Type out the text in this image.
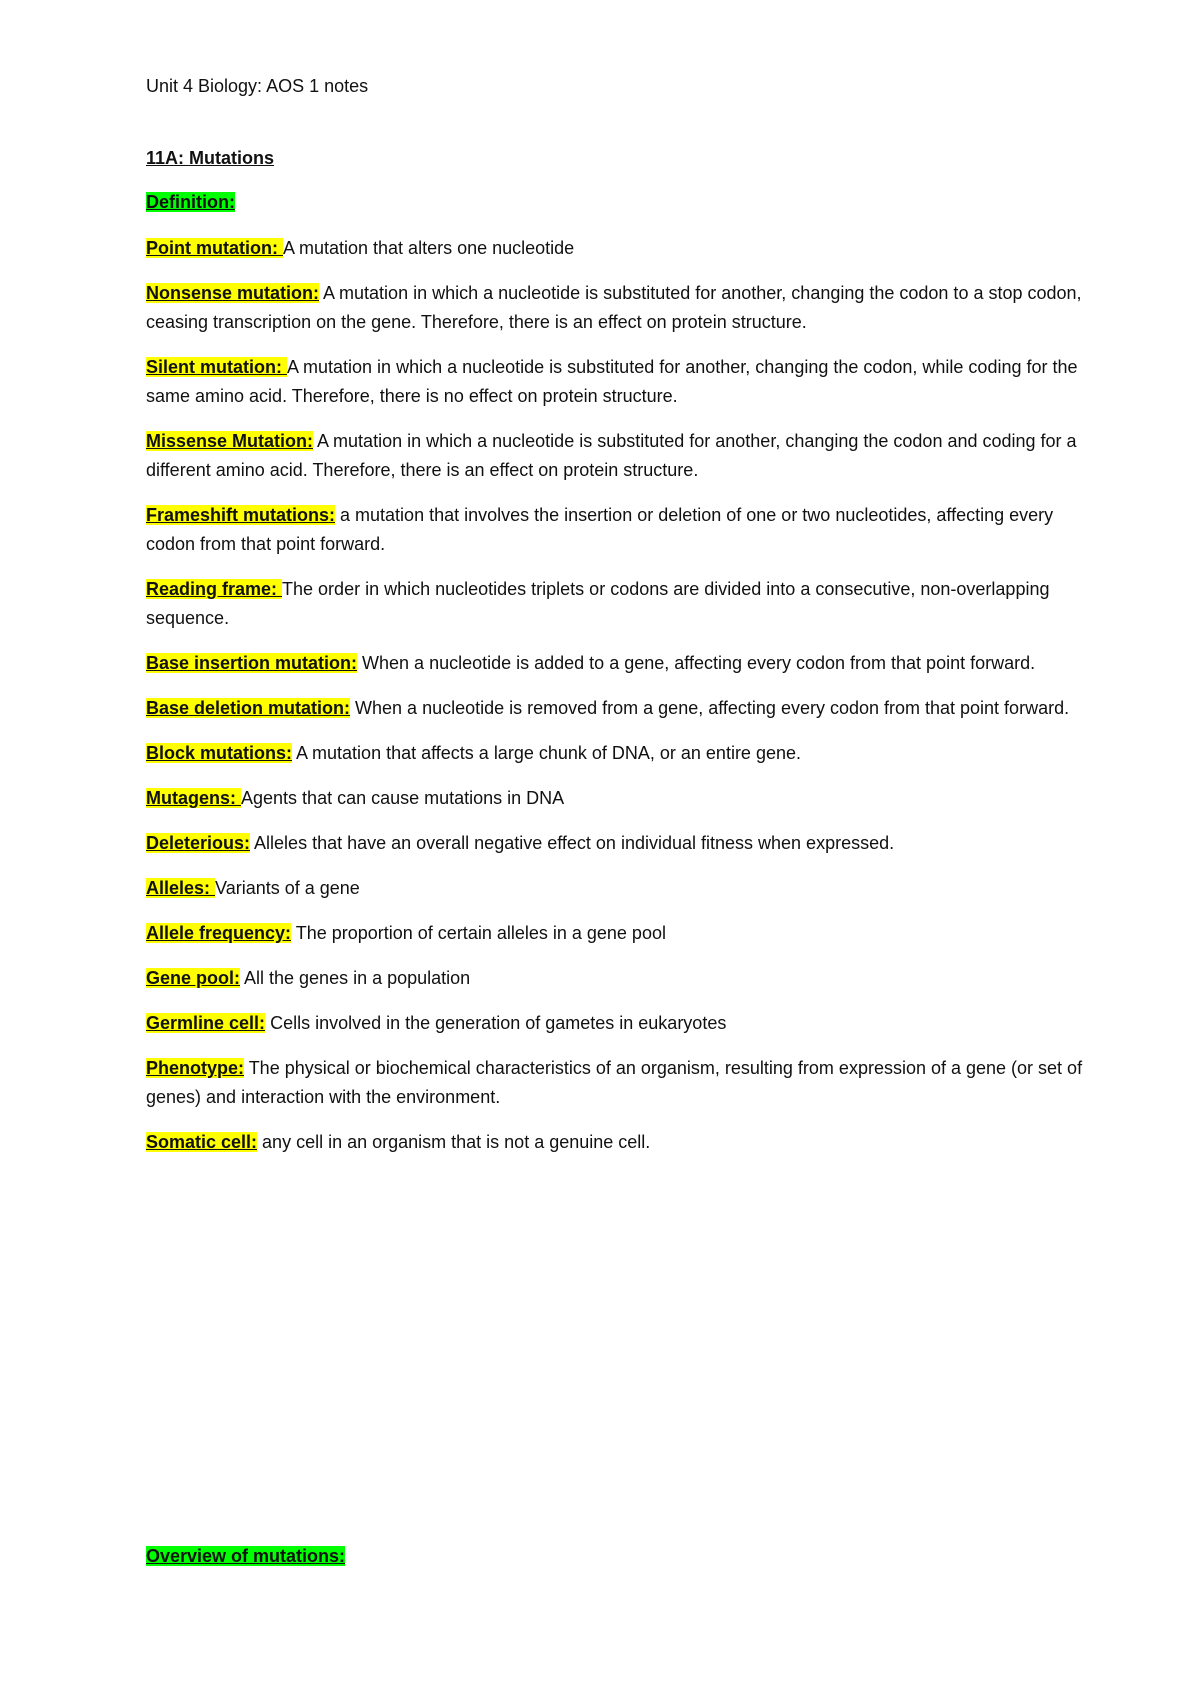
Unit 4 Biology: AOS 1 notes

11A: Mutations

Definition:

Point mutation: A mutation that alters one nucleotide

Nonsense mutation: A mutation in which a nucleotide is substituted for another, changing the codon to a stop codon, ceasing transcription on the gene. Therefore, there is an effect on protein structure.

Silent mutation: A mutation in which a nucleotide is substituted for another, changing the codon, while coding for the same amino acid. Therefore, there is no effect on protein structure.

Missense Mutation: A mutation in which a nucleotide is substituted for another, changing the codon and coding for a different amino acid. Therefore, there is an effect on protein structure.

Frameshift mutations: a mutation that involves the insertion or deletion of one or two nucleotides, affecting every codon from that point forward.

Reading frame: The order in which nucleotides triplets or codons are divided into a consecutive, non-overlapping sequence.

Base insertion mutation: When a nucleotide is added to a gene, affecting every codon from that point forward.

Base deletion mutation: When a nucleotide is removed from a gene, affecting every codon from that point forward.

Block mutations: A mutation that affects a large chunk of DNA, or an entire gene.

Mutagens: Agents that can cause mutations in DNA

Deleterious: Alleles that have an overall negative effect on individual fitness when expressed.

Alleles: Variants of a gene

Allele frequency: The proportion of certain alleles in a gene pool

Gene pool: All the genes in a population

Germline cell: Cells involved in the generation of gametes in eukaryotes

Phenotype: The physical or biochemical characteristics of an organism, resulting from expression of a gene (or set of genes) and interaction with the environment.

Somatic cell: any cell in an organism that is not a genuine cell.

Overview of mutations:
